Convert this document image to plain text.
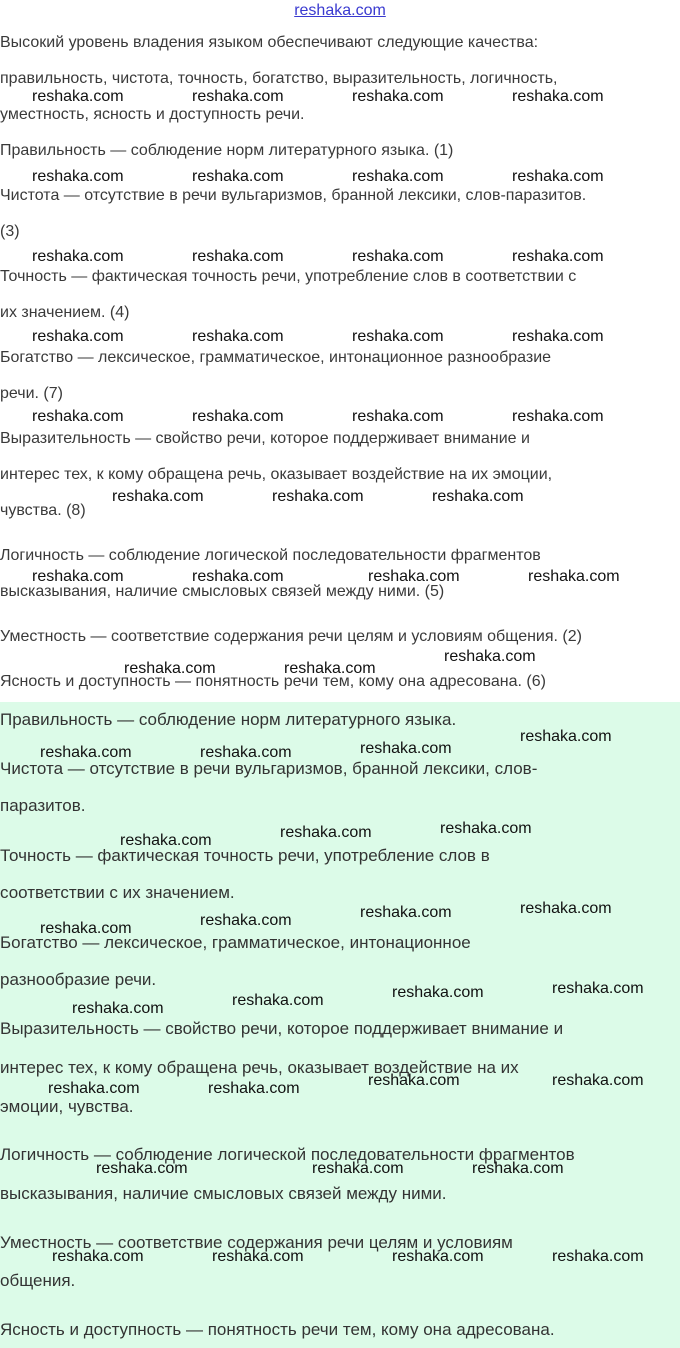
reshaka.com
Высокий уровень владения языком обеспечивают следующие качества:
правильность, чистота, точность, богатство, выразительность, логичность,
уместность, ясность и доступность речи.
Правильность — соблюдение норм литературного языка. (1)
Чистота — отсутствие в речи вульгаризмов, бранной лексики, слов-паразитов.
(3)
Точность — фактическая точность речи, употребление слов в соответствии с
их значением. (4)
Богатство — лексическое, грамматическое, интонационное разнообразие
речи. (7)
Выразительность — свойство речи, которое поддерживает внимание и
интерес тех, к кому обращена речь, оказывает воздействие на их эмоции,
чувства. (8)
Логичность — соблюдение логической последовательности фрагментов
высказывания, наличие смысловых связей между ними. (5)
Уместность — соответствие содержания речи целям и условиям общения. (2)
Ясность и доступность — понятность речи тем, кому она адресована. (6)
Правильность — соблюдение норм литературного языка.
Чистота — отсутствие в речи вульгаризмов, бранной лексики, слов-
паразитов.
Точность — фактическая точность речи, употребление слов в
соответствии с их значением.
Богатство — лексическое, грамматическое, интонационное
разнообразие речи.
Выразительность — свойство речи, которое поддерживает внимание и
интерес тех, к кому обращена речь, оказывает воздействие на их
эмоции, чувства.
Логичность — соблюдение логической последовательности фрагментов
высказывания, наличие смысловых связей между ними.
Уместность — соответствие содержания речи целям и условиям
общения.
Ясность и доступность — понятность речи тем, кому она адресована.
reshaka.com	reshaka.com	reshaka.com	reshaka.com
reshaka.com	reshaka.com	reshaka.com	reshaka.com
reshaka.com	reshaka.com	reshaka.com	reshaka.com
reshaka.com	reshaka.com	reshaka.com	reshaka.com
reshaka.com	reshaka.com	reshaka.com	reshaka.com
reshaka.com	reshaka.com	reshaka.com
reshaka.com	reshaka.com	reshaka.com	reshaka.com
reshaka.com	reshaka.com
reshaka.com
reshaka.com	reshaka.com	reshaka.com
reshaka.com
reshaka.com	reshaka.com	reshaka.com
reshaka.com	reshaka.com	reshaka.com	reshaka.com
reshaka.com	reshaka.com	reshaka.com	reshaka.com
reshaka.com	reshaka.com	reshaka.com	reshaka.com
reshaka.com	reshaka.com	reshaka.com
reshaka.com	reshaka.com	reshaka.com	reshaka.com
